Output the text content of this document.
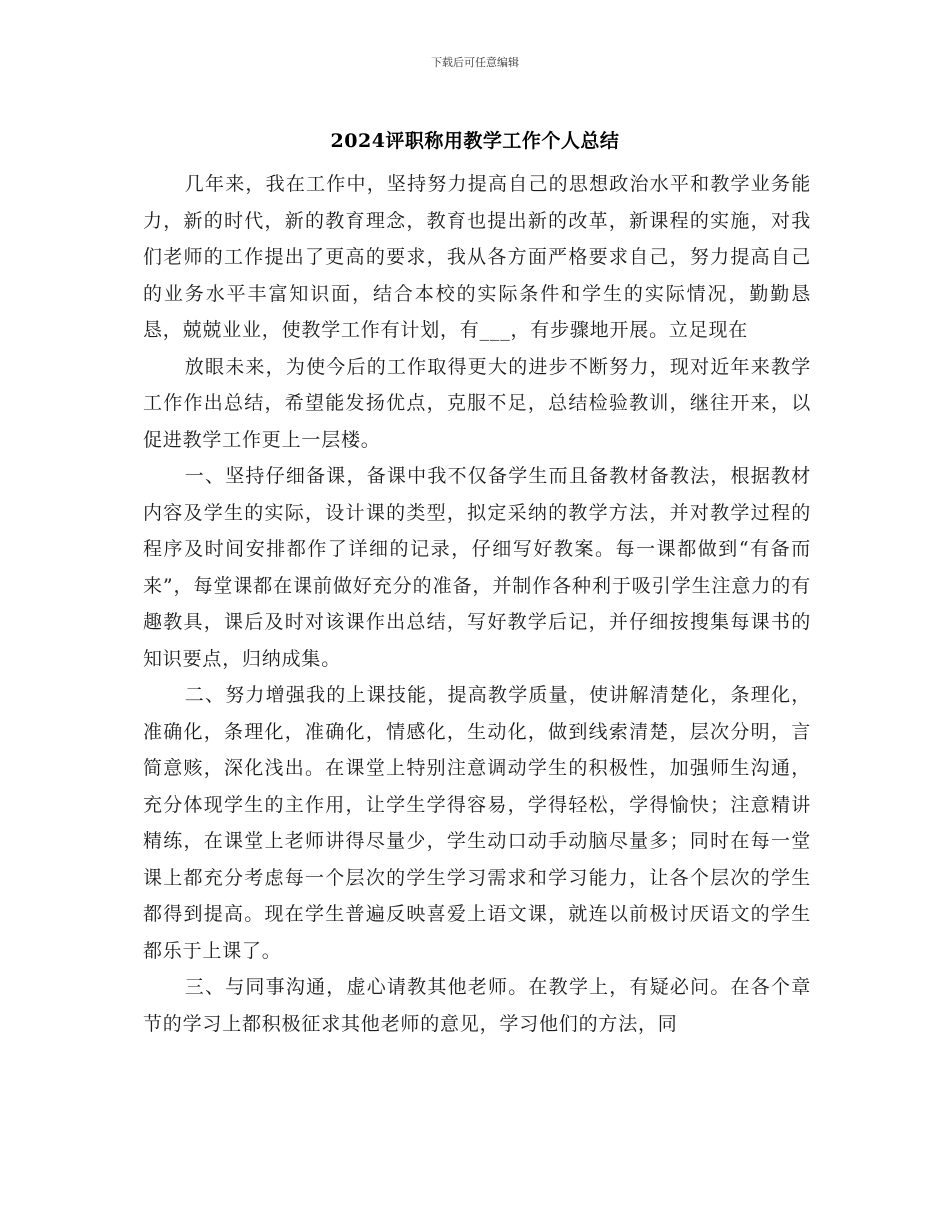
下载后可任意编辑
2024评职称用教学工作个人总结

几年来，我在工作中，坚持努力提高自己的思想政治水平和教学业务能力，新的时代，新的教育理念，教育也提出新的改革，新课程的实施，对我们老师的工作提出了更高的要求，我从各方面严格要求自己，努力提高自己的业务水平丰富知识面，结合本校的实际条件和学生的实际情况，勤勤恳恳，兢兢业业，使教学工作有计划，有___，有步骤地开展。立足现在

放眼未来，为使今后的工作取得更大的进步不断努力，现对近年来教学工作作出总结，希望能发扬优点，克服不足，总结检验教训，继往开来，以促进教学工作更上一层楼。

一、坚持仔细备课，备课中我不仅备学生而且备教材备教法，根据教材内容及学生的实际，设计课的类型，拟定采纳的教学方法，并对教学过程的程序及时间安排都作了详细的记录，仔细写好教案。每一课都做到“有备而来”，每堂课都在课前做好充分的准备，并制作各种利于吸引学生注意力的有趣教具，课后及时对该课作出总结，写好教学后记，并仔细按搜集每课书的知识要点，归纳成集。

二、努力增强我的上课技能，提高教学质量，使讲解清楚化，条理化，准确化，条理化，准确化，情感化，生动化，做到线索清楚，层次分明，言简意赅，深化浅出。在课堂上特别注意调动学生的积极性，加强师生沟通，充分体现学生的主作用，让学生学得容易，学得轻松，学得愉快；注意精讲精练，在课堂上老师讲得尽量少，学生动口动手动脑尽量多；同时在每一堂课上都充分考虑每一个层次的学生学习需求和学习能力，让各个层次的学生都得到提高。现在学生普遍反映喜爱上语文课，就连以前极讨厌语文的学生都乐于上课了。

三、与同事沟通，虚心请教其他老师。在教学上，有疑必问。在各个章节的学习上都积极征求其他老师的意见，学习他们的方法，同
